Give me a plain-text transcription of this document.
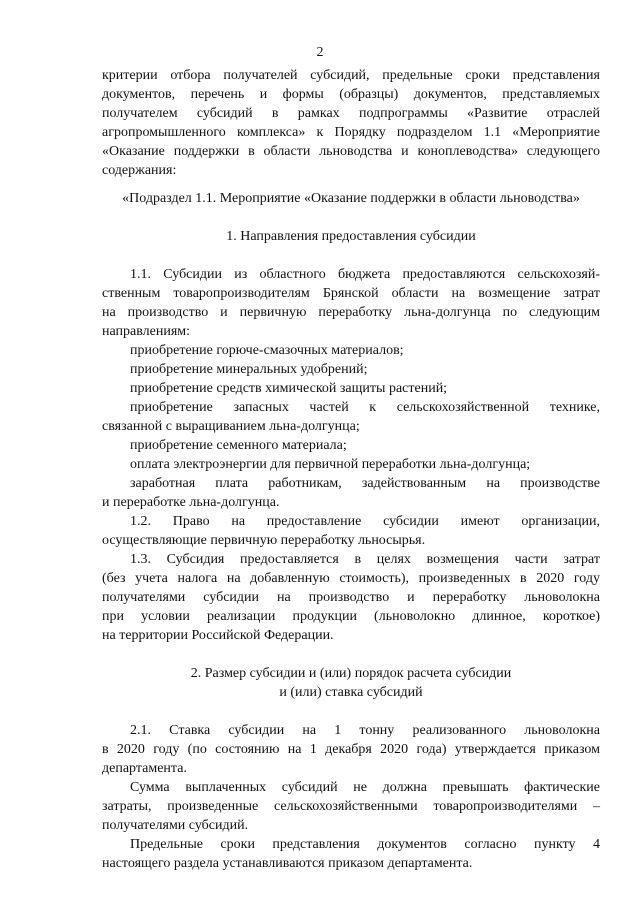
2
критерии отбора получателей субсидий, предельные сроки представления
документов, перечень и формы (образцы) документов, представляемых
получателем субсидий в рамках подпрограммы «Развитие отраслей
агропромышленного комплекса» к Порядку подразделом 1.1 «Мероприятие
«Оказание поддержки в области льноводства и коноплеводства» следующего
содержания:
«Подраздел 1.1. Мероприятие «Оказание поддержки в области льноводства»
1. Направления предоставления субсидии
1.1. Субсидии из областного бюджета предоставляются сельскохозяй-
ственным товаропроизводителям Брянской области на возмещение затрат
на производство и первичную переработку льна-долгунца по следующим
направлениям:
приобретение горюче-смазочных материалов;
приобретение минеральных удобрений;
приобретение средств химической защиты растений;
приобретение запасных частей к сельскохозяйственной технике,
связанной с выращиванием льна-долгунца;
приобретение семенного материала;
оплата электроэнергии для первичной переработки льна-долгунца;
заработная плата работникам, задействованным на производстве
и переработке льна-долгунца.
1.2. Право на предоставление субсидии имеют организации,
осуществляющие первичную переработку льносырья.
1.3. Субсидия предоставляется в целях возмещения части затрат
(без учета налога на добавленную стоимость), произведенных в 2020 году
получателями субсидии на производство и переработку льноволокна
при условии реализации продукции (льноволокно длинное, короткое)
на территории Российской Федерации.
2. Размер субсидии и (или) порядок расчета субсидии
и (или) ставка субсидий
2.1. Ставка субсидии на 1 тонну реализованного льноволокна
в 2020 году (по состоянию на 1 декабря 2020 года) утверждается приказом
департамента.
Сумма выплаченных субсидий не должна превышать фактические
затраты, произведенные сельскохозяйственными товаропроизводителями –
получателями субсидий.
Предельные сроки представления документов согласно пункту 4
настоящего раздела устанавливаются приказом департамента.
